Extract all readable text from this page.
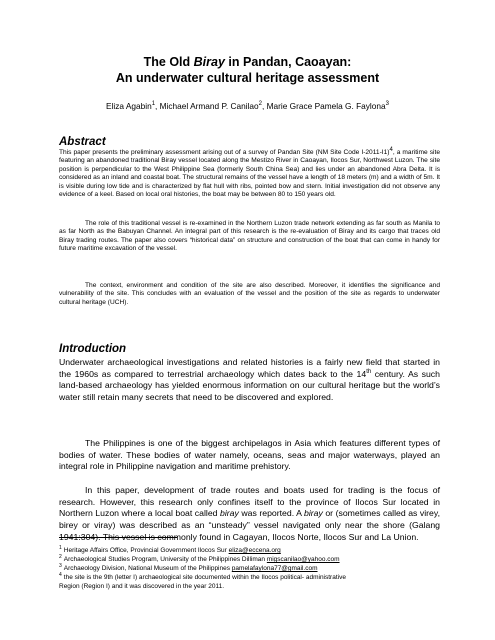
The Old Biray in Pandan, Caoayan:
An underwater cultural heritage assessment
Eliza Agabin$^1$, Michael Armand P. Canilao$^2$, Marie Grace Pamela G. Faylona$^3$
Abstract
This paper presents the preliminary assessment arising out of a survey of Pandan Site (NM Site Code I-2011-I1)$^4$, a maritime site featuring an abandoned traditional Biray vessel located along the Mestizo River in Caoayan, Ilocos Sur, Northwest Luzon. The site position is perpendicular to the West Philippine Sea (formerly South China Sea) and lies under an abandoned Abra Delta. It is considered as an inland and coastal boat. The structural remains of the vessel have a length of 18 meters (m) and a width of 5m. It is visible during low tide and is characterized by flat hull with ribs, pointed bow and stern. Initial investigation did not observe any evidence of a keel. Based on local oral histories, the boat may be between 80 to 150 years old.
The role of this traditional vessel is re-examined in the Northern Luzon trade network extending as far south as Manila to as far North as the Babuyan Channel. An integral part of this research is the re-evaluation of Biray and its cargo that traces old Biray trading routes. The paper also covers “historical data” on structure and construction of the boat that can come in handy for future maritime excavation of the vessel.
The context, environment and condition of the site are also described. Moreover, it identifies the significance and vulnerability of the site. This concludes with an evaluation of the vessel and the position of the site as regards to underwater cultural heritage (UCH).
Introduction
Underwater archaeological investigations and related histories is a fairly new field that started in the 1960s as compared to terrestrial archaeology which dates back to the 14th century. As such land-based archaeology has yielded enormous information on our cultural heritage but the world’s water still retain many secrets that need to be discovered and explored.
The Philippines is one of the biggest archipelagos in Asia which features different types of bodies of water. These bodies of water namely, oceans, seas and major waterways, played an integral role in Philippine navigation and maritime prehistory.
In this paper, development of trade routes and boats used for trading is the focus of research. However, this research only confines itself to the province of Ilocos Sur located in Northern Luzon where a local boat called biray was reported. A biray or (sometimes called as virey, birey or viray) was described as an “unsteady” vessel navigated only near the shore (Galang 1941:304). This vessel is commonly found in Cagayan, Ilocos Norte, Ilocos Sur and La Union.
$^1$ Heritage Affairs Office, Provincial Government Ilocos Sur eliza@eccena.org
$^2$ Archaeological Studies Program, University of the Philippines Dilliman migscanilao@yahoo.com
$^3$ Archaeology Division, National Museum of the Philippines pamelafaylona77@gmail.com
$^4$ the site is the 9th (letter I) archaeological site documented within the Ilocos political- administrative
Region (Region I) and it was discovered in the year 2011.
